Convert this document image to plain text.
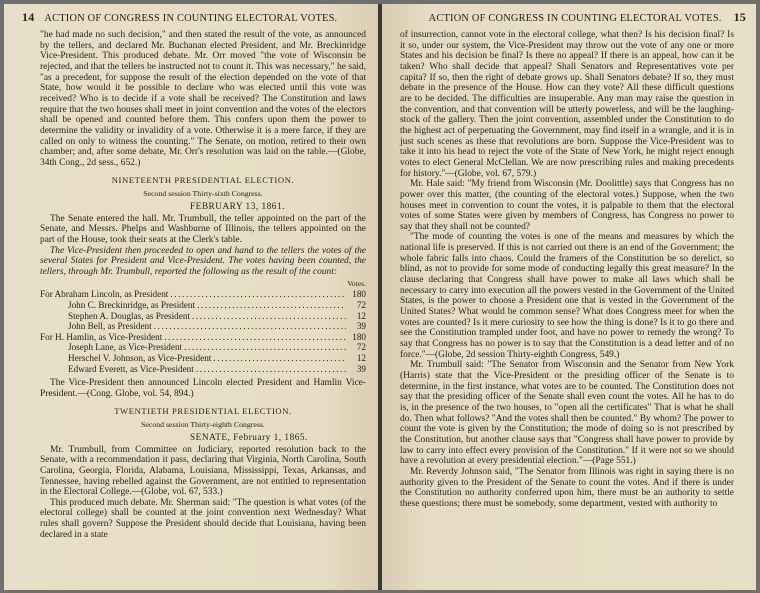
14 ACTION OF CONGRESS IN COUNTING ELECTORAL VOTES.

"he had made no such decision," and then stated the result of the vote, as announced by the tellers, and declared Mr. Buchanan elected President, and Mr. Breckinridge Vice-President. This produced debate. Mr. Orr moved "the vote of Wisconsin be rejected, and that the tellers be instructed not to count it. This was necessary," he said, "as a precedent, for suppose the result of the election depended on the vote of that State, how would it be possible to declare who was elected until this vote was received? Who is to decide if a vote shall be received? The Constitution and laws require that the two houses shall meet in joint convention and the votes of the electors shall be opened and counted before them. This confers upon them the power to determine the validity or invalidity of a vote. Otherwise it is a mere farce, if they are called on only to witness the counting." The Senate, on motion, retired to their own chamber; and, after some debate, Mr. Orr's resolution was laid on the table.—(Globe, 34th Cong., 2d sess., 652.)

NINETEENTH PRESIDENTIAL ELECTION.
Second session Thirty-sixth Congress.
FEBRUARY 13, 1861.

The Senate entered the hall. Mr. Trumbull, the teller appointed on the part of the Senate, and Messrs. Phelps and Washburne of Illinois, the tellers appointed on the part of the House, took their seats at the Clerk's table.

The Vice-President then proceeded to open and hand to the tellers the votes of the several States for President and Vice-President. The votes having been counted, the tellers, through Mr. Trumbull, reported the following as the result of the count:

Votes.
For Abraham Lincoln, as President .....	180
John C. Breckinridge, as President .....	72
Stephen A. Douglas, as President .....	12
John Bell, as President .....	39
For H. Hamlin, as Vice-President .....	180
Joseph Lane, as Vice-President .....	72
Herschel V. Johnson, as Vice-President .....	12
Edward Everett, as Vice-President .....	39

The Vice-President then announced Lincoln elected President and Hamlin Vice-President.—(Cong. Globe, vol. 54, 894.)

TWENTIETH PRESIDENTIAL ELECTION.
Second session Thirty-eighth Congress.
SENATE, February 1, 1865.

Mr. Trumbull, from Committee on Judiciary, reported resolution back to the Senate, with a recommendation it pass, declaring that Virginia, North Carolina, South Carolina, Georgia, Florida, Alabama, Louisiana, Mississippi, Texas, Arkansas, and Tennessee, having rebelled against the Government, are not entitled to representation in the Electoral College.—(Globe, vol. 67, 533.)

This produced much debate. Mr. Sherman said: "The question is what votes (of the electoral college) shall be counted at the joint convention next Wednesday? What rules shall govern? Suppose the President should decide that Louisiana, having been declared in a state

ACTION OF CONGRESS IN COUNTING ELECTORAL VOTES. 15

of insurrection, cannot vote in the electoral college, what then? Is his decision final? Is it so, under our system, the Vice-President may throw out the vote of any one or more States and his decision be final? Is there no appeal? If there is an appeal, how can it be taken? Who shall decide that appeal? Shall Senators and Representatives vote per capita? If so, then the right of debate grows up. Shall Senators debate? If so, they must debate in the presence of the House. How can they vote? All these difficult questions are to be decided. The difficulties are insuperable. Any man may raise the question in the convention, and that convention will be utterly powerless, and will be the laughing-stock of the gallery. Then the joint convention, assembled under the Constitution to do the highest act of perpetuating the Government, may find itself in a wrangle, and it is in just such scenes as these that revolutions are born. Suppose the Vice-President was to take it into his head to reject the vote of the State of New York, he might reject enough votes to elect General McClellan. We are now prescribing rules and making precedents for history."—(Globe, vol. 67, 579.)

Mr. Hale said: "My friend from Wisconsin (Mr. Doolittle) says that Congress has no power over this matter, (the counting of the electoral votes.) Suppose, when the two houses meet in convention to count the votes, it is palpable to them that the electoral votes of some States were given by members of Congress, has Congress no power to say that they shall not be counted?

"The mode of counting the votes is one of the means and measures by which the national life is preserved. If this is not carried out there is an end of the Government; the whole fabric falls into chaos. Could the framers of the Constitution be so derelict, so blind, as not to provide for some mode of conducting legally this great measure? In the clause declaring that Congress shall have power to make all laws which shall be necessary to carry into execution all the powers vested in the Government of the United States, is the power to choose a President one that is vested in the Government of the United States? What would be common sense? What does Congress meet for when the votes are counted? Is it mere curiosity to see how the thing is done? Is it to go there and see the Constitution trampled under foot, and have no power to remedy the wrong? To say that Congress has no power is to say that the Constitution is a dead letter and of no force."—(Globe, 2d session Thirty-eighth Congress, 549.)

Mr. Trumbull said: "The Senator from Wisconsin and the Senator from New York (Harris) state that the Vice-President or the presiding officer of the Senate is to determine, in the first instance, what votes are to be counted. The Constitution does not say that the presiding officer of the Senate shall even count the votes. All he has to do is, in the presence of the two houses, to "open all the certificates" That is what he shall do. Then what follows? "And the votes shall then be counted." By whom? The power to count the vote is given by the Constitution; the mode of doing so is not prescribed by the Constitution, but another clause says that "Congress shall have power to provide by law to carry into effect every provision of the Constitution." If it were not so we should have a revolution at every presidential election."—(Page 551.)

Mr. Reverdy Johnson said, "The Senator from Illinois was right in saying there is no authority given to the President of the Senate to count the votes. And if there is under the Constitution no authority conferred upon him, there must be an authority to settle these questions; there must be somebody, some department, vested with authority to
